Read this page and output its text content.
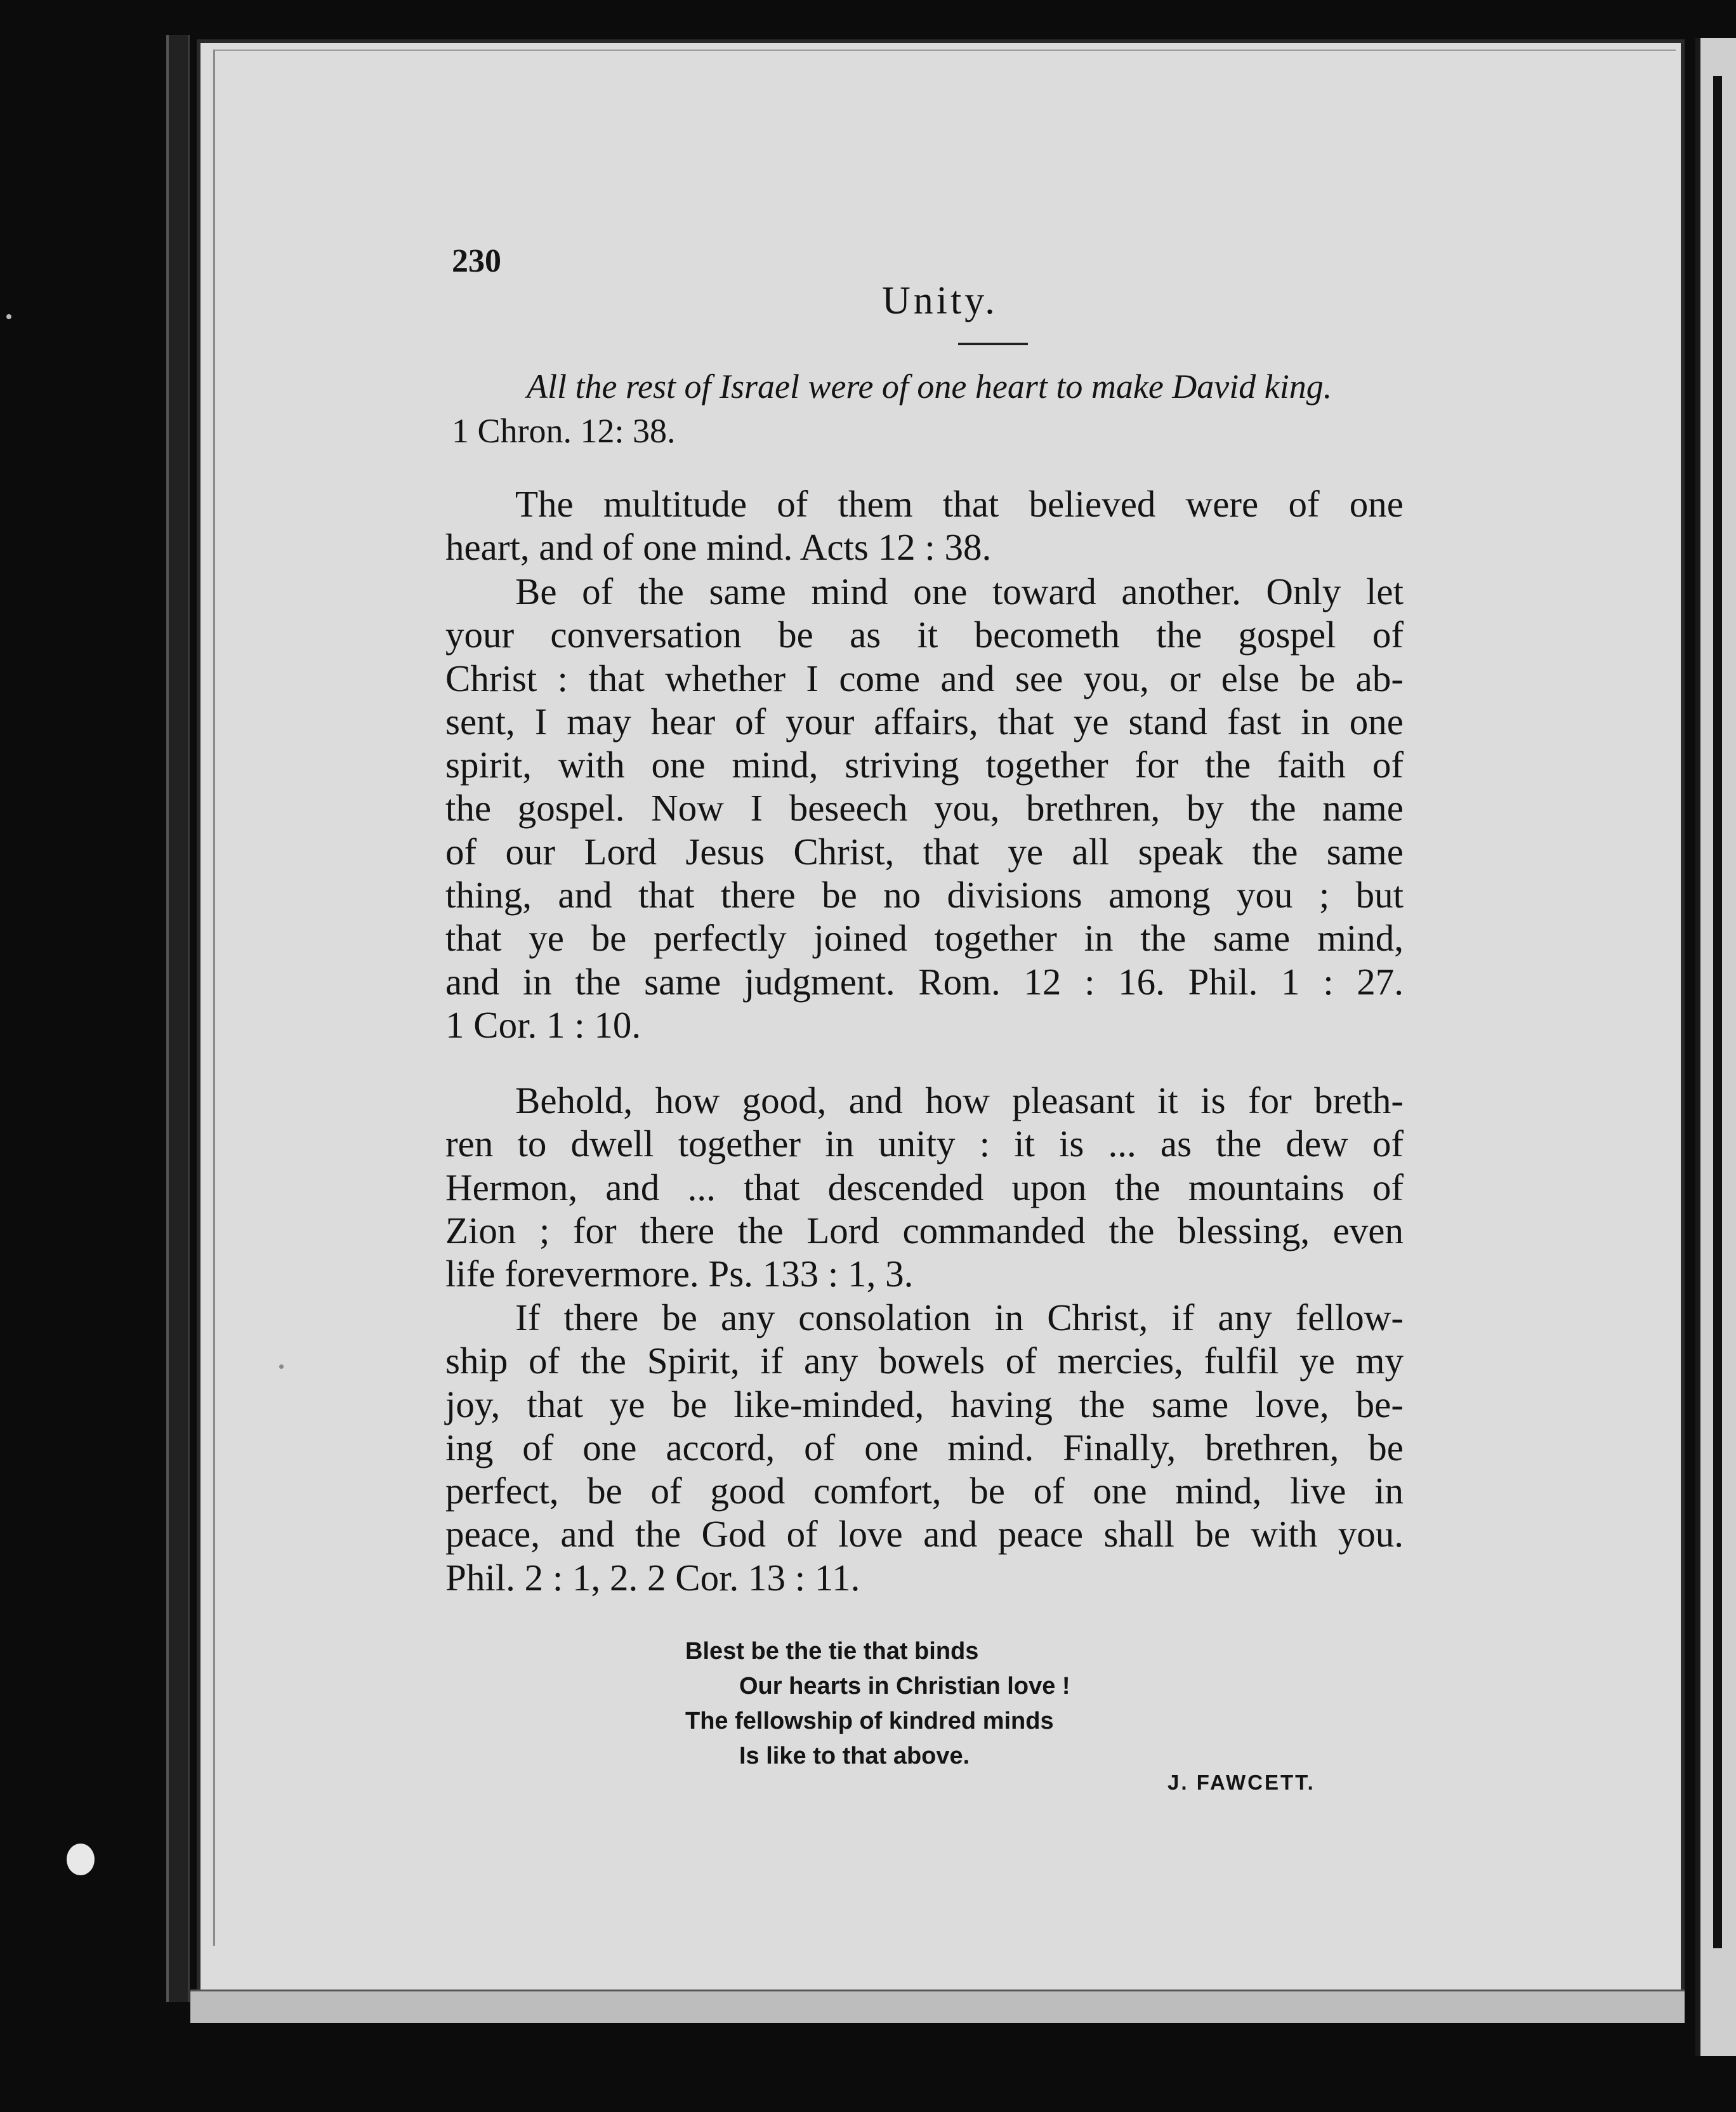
230
Unity.
All the rest of Israel were of one heart to make David king.
1 Chron. 12: 38.
The multitude of them that believed were of one
heart, and of one mind. Acts 12 : 38.
Be of the same mind one toward another. Only let
your conversation be as it becometh the gospel of
Christ : that whether I come and see you, or else be ab-
sent, I may hear of your affairs, that ye stand fast in one
spirit, with one mind, striving together for the faith of
the gospel. Now I beseech you, brethren, by the name
of our Lord Jesus Christ, that ye all speak the same
thing, and that there be no divisions among you ; but
that ye be perfectly joined together in the same mind,
and in the same judgment. Rom. 12 : 16. Phil. 1 : 27.
1 Cor. 1 : 10.
Behold, how good, and how pleasant it is for breth-
ren to dwell together in unity : it is ... as the dew of
Hermon, and ... that descended upon the mountains of
Zion ; for there the Lord commanded the blessing, even
life forevermore. Ps. 133 : 1, 3.
If there be any consolation in Christ, if any fellow-
ship of the Spirit, if any bowels of mercies, fulfil ye my
joy, that ye be like-minded, having the same love, be-
ing of one accord, of one mind. Finally, brethren, be
perfect, be of good comfort, be of one mind, live in
peace, and the God of love and peace shall be with you.
Phil. 2 : 1, 2. 2 Cor. 13 : 11.
Blest be the tie that binds
Our hearts in Christian love !
The fellowship of kindred minds
Is like to that above.
J. FAWCETT.
